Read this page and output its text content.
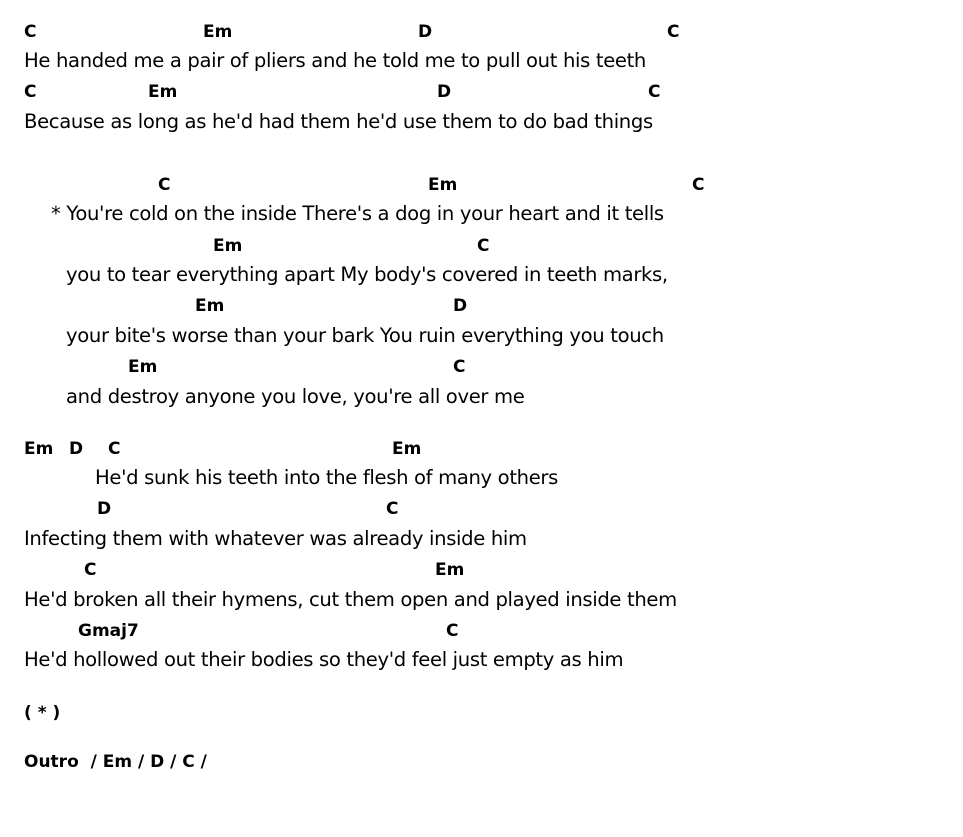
C	Em	D	C
He handed me a pair of pliers and he told me to pull out his teeth
C	Em	D	C
Because as long as he'd had them he'd use them to do bad things
C	Em	C
* You're cold on the inside There's a dog in your heart and it tells
Em	C
you to tear everything apart My body's covered in teeth marks,
Em	D
your bite's worse than your bark You ruin everything you touch
Em	C
and destroy anyone you love, you're all over me
Em D C	Em
He'd sunk his teeth into the flesh of many others
D	C
Infecting them with whatever was already inside him
C	Em
He'd broken all their hymens, cut them open and played inside them
Gmaj7	C
He'd hollowed out their bodies so they'd feel just empty as him
( * )
Outro  / Em / D / C /
